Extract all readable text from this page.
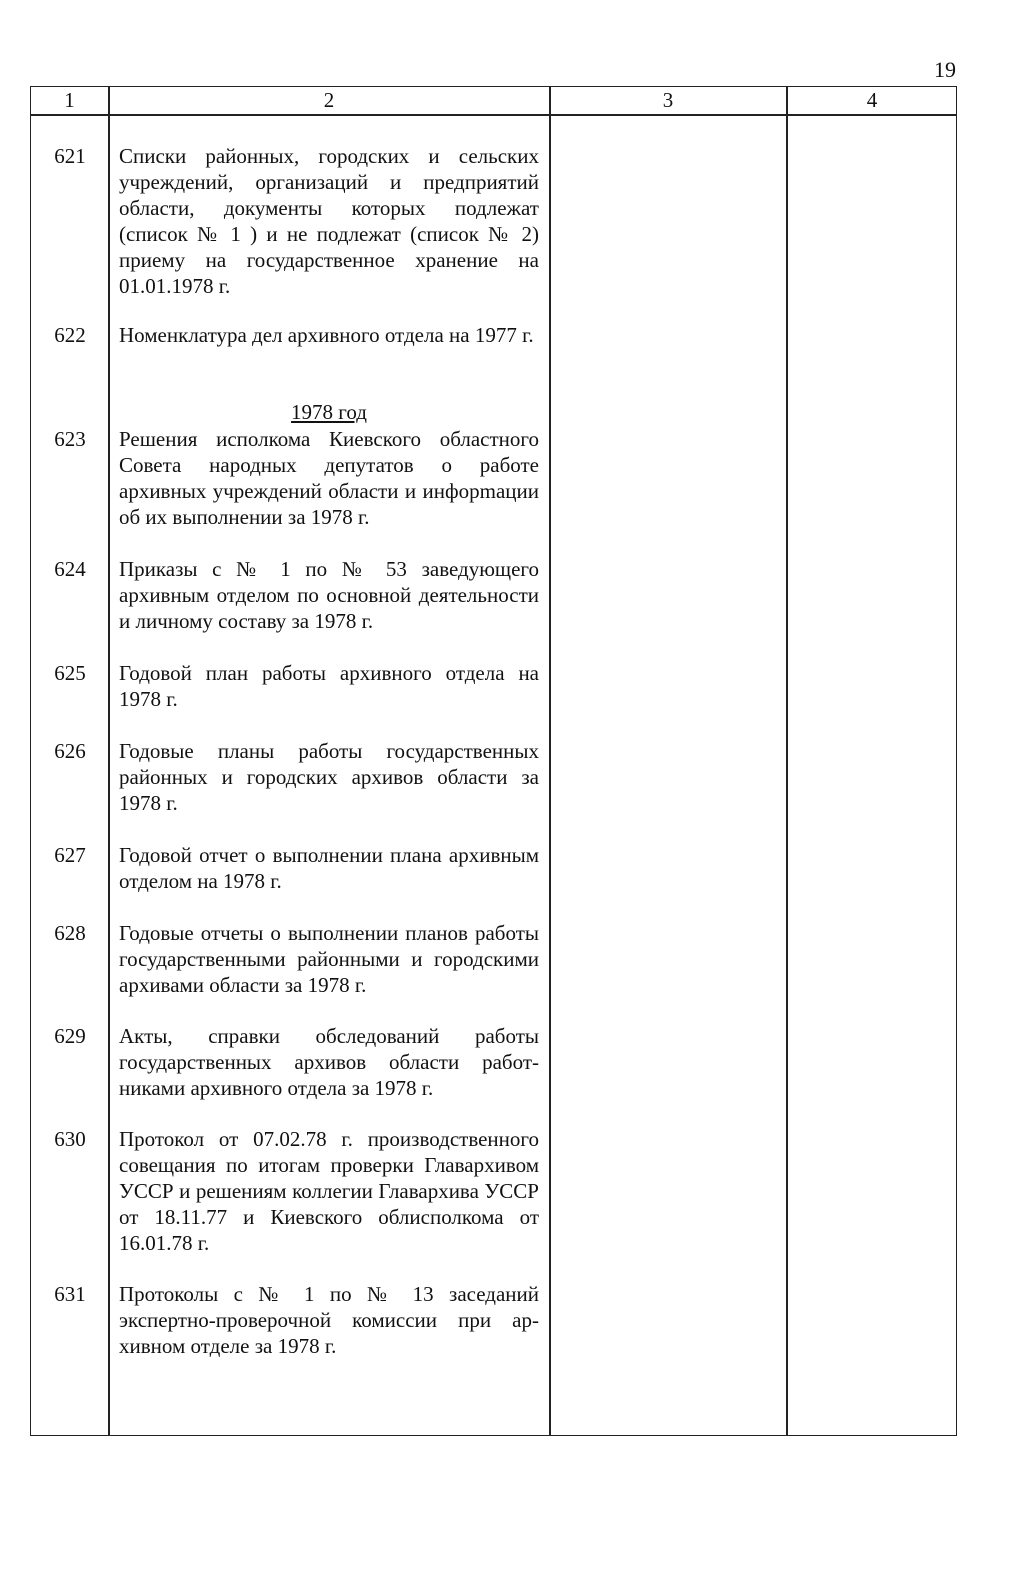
19
1	2	3	4
1978 год
621	Списки районных, городских и сельских учреждений, организаций и предприятий области, документы которых подлежат (список № 1 ) и не подлежат (список № 2) приему на государственное хранение на 01.01.1978 г.
622	Номенклатура дел архивного отдела на 1977 г.
623	Решения исполкома Киевского областного Совета народных депутатов о работе архивных учреждений области и инфорmации об их выполнении за 1978 г.
624	Приказы с № 1 по № 53 заведующего архивным отделом по основной деятельности и личному составу за 1978 г.
625	Годовой план работы архивного отдела на 1978 г.
626	Годовые планы работы государственных районных и городских архивов области за 1978 г.
627	Годовой отчет о выполнении плана архивным отделом на 1978 г.
628	Годовые отчеты о выполнении планов работы государственными районными и городскими архивами области за 1978 г.
629	Акты, справки обследований работы государственных архивов области работниками архивного отдела за 1978 г.
630	Протокол от 07.02.78 г. производственного совещания по итогам проверки Главархивом УССР и решениям коллегии Главархива УССР от 18.11.77 и Киевского облисполкома от 16.01.78 г.
631	Протоколы с № 1 по № 13 заседаний экспертно-проверочной комиссии при архивном отделе за 1978 г.
